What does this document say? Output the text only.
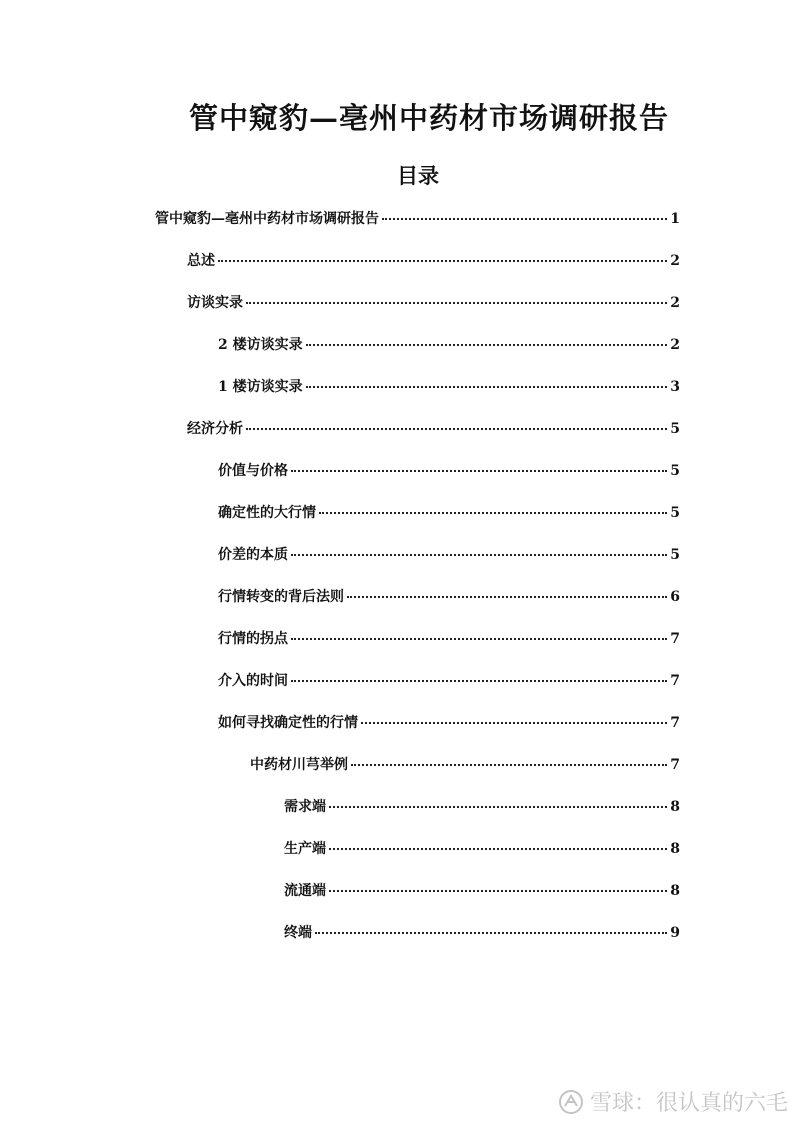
管中窥豹—亳州中药材市场调研报告
目录
管中窥豹—亳州中药材市场调研报告	1
总述	2
访谈实录	2
2 楼访谈实录	2
1 楼访谈实录	3
经济分析	5
价值与价格	5
确定性的大行情	5
价差的本质	5
行情转变的背后法则	6
行情的拐点	7
介入的时间	7
如何寻找确定性的行情	7
中药材川芎举例	7
需求端	8
生产端	8
流通端	8
终端	9
雪球：很认真的六毛
